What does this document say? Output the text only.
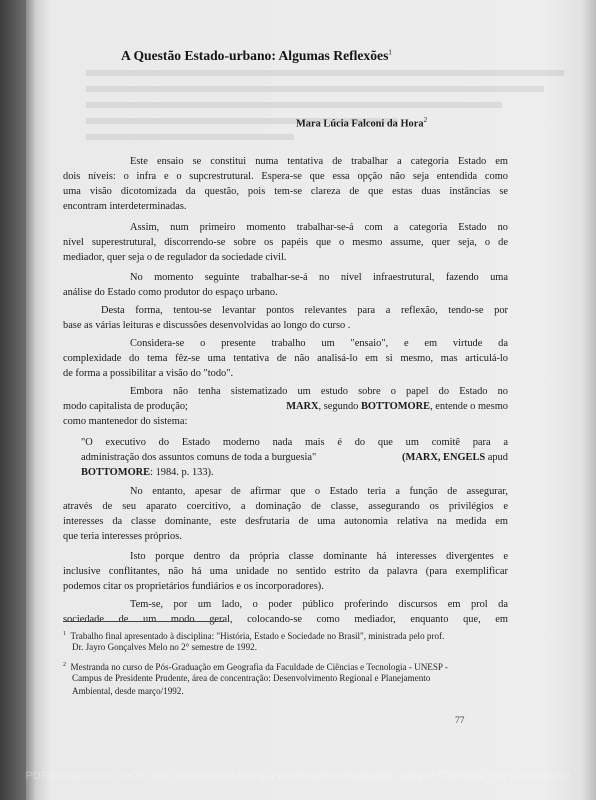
A Questão Estado-urbano: Algumas Reflexões$^1$
Mara Lúcia Falconi da Hora$^2$
Este ensaio se constitui numa tentativa de trabalhar a categoria Estado em
dois níveis: o infra e o supcrestrutural. Espera-se que essa opção não seja entendida como
uma visão dicotomizada da questão, pois tem-se clareza de que estas duas instâncias se
encontram interdeterminadas.
Assim, num primeiro momento trabalhar-se-á com a categoria Estado no
nível superestrutural, discorrendo-se sobre os papéis que o mesmo assume, quer seja, o de
mediador, quer seja o de regulador da sociedade civil.
No momento seguinte trabalhar-se-á no nível infraestrutural, fazendo uma
análise do Estado como produtor do espaço urbano.
Desta forma, tentou-se levantar pontos relevantes para a reflexão, tendo-se por
base as várias leituras e discussões desenvolvidas ao longo do curso .
Considera-se o presente trabalho um "ensaio", e em virtude da
complexidade do tema fêz-se uma tentativa de não analisá-lo em si mesmo, mas articulá-lo
de forma a possibilitar a visão do "todo".
Embora não tenha sistematizado um estudo sobre o papel do Estado no
modo capitalista de produção;	MARX, segundo BOTTOMORE, entende o mesmo
como mantenedor do sistema:
"O executivo do Estado moderno nada mais é do que um comitê para a
administração dos assuntos comuns de toda a burguesia"	(MARX, ENGELS apud
BOTTOMORE: 1984. p. 133).
No entanto, apesar de afirmar que o Estado teria a função de assegurar,
através de seu aparato coercitivo, a dominação de classe, assegurando os privilégios e
interesses da classe dominante, este desfrutaria de uma autonomia relativa na medida em
que teria interesses próprios.
Isto porque dentro da própria classe dominante há interesses divergentes e
inclusive conflitantes, não há uma unidade no sentido estrito da palavra (para exemplificar
podemos citar os proprietários fundiários e os incorporadores).
Tem-se, por um lado, o poder público proferindo discursos em prol da
sociedade de um modo geral, colocando-se como mediador, enquanto que, em
$^1$ Trabalho final apresentado à disciplina: "História, Estado e Sociedade no Brasil", ministrada pelo prof.
Dr. Jayro Gonçalves Melo no 2° semestre de 1992.
$^2$ Mestranda no curso de Pós-Graduação em Geografia da Faculdade de Ciências e Tecnologia - UNESP -
Campus de Presidente Prudente, área de concentração: Desenvolvimento Regional e Planejamento
Ambiental, desde março/1992.
77
PDF compression, OCR, web optimization using a watermarked evaluation copy of CVISION PDFCompressor
